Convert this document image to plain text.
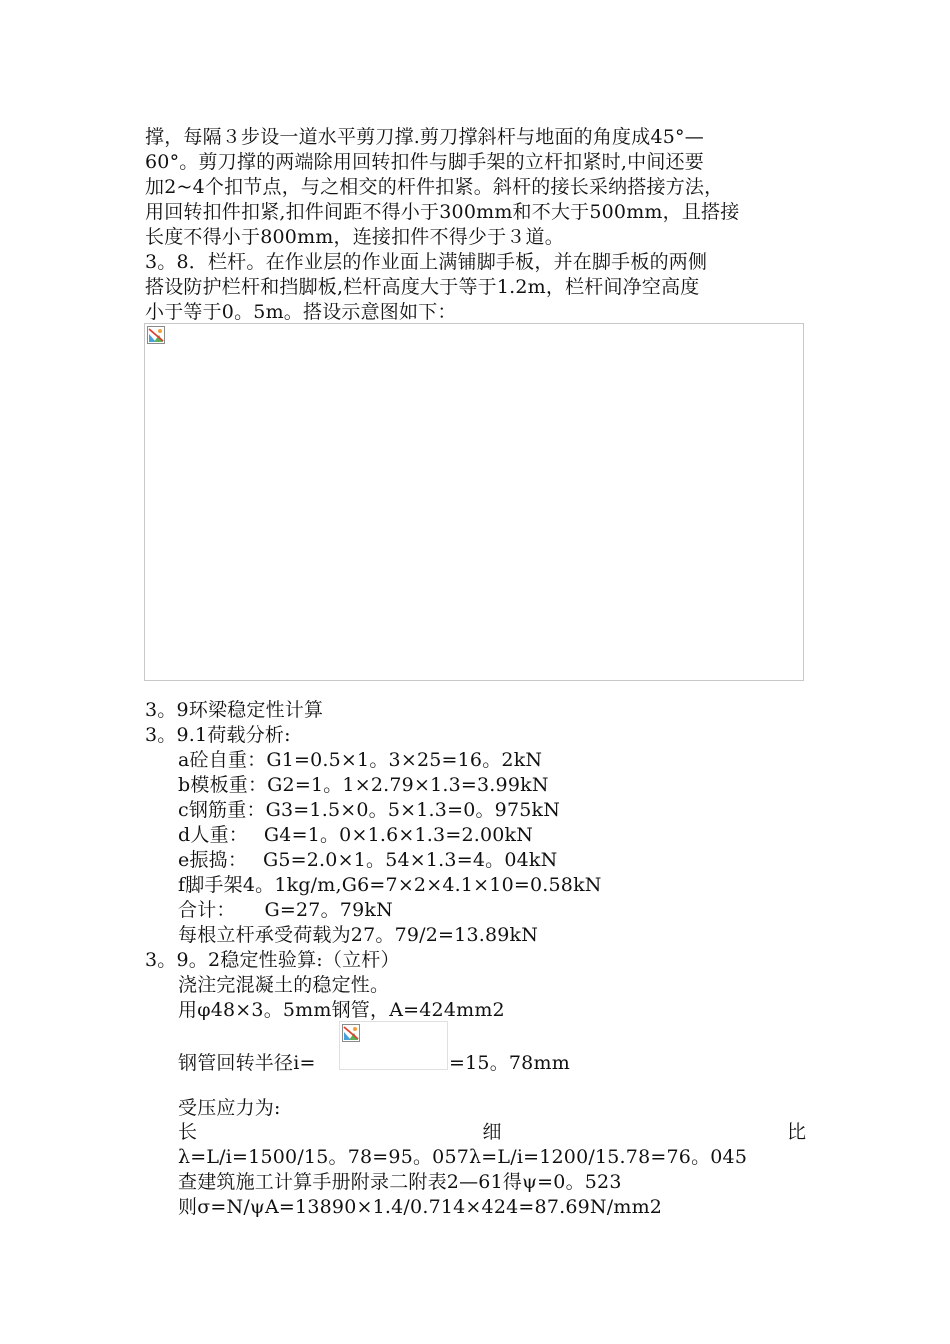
撑，每隔３步设一道水平剪刀撑.剪刀撑斜杆与地面的角度成45°—
60°。剪刀撑的两端除用回转扣件与脚手架的立杆扣紧时,中间还要
加2~4个扣节点，与之相交的杆件扣紧。斜杆的接长采纳搭接方法，
用回转扣件扣紧,扣件间距不得小于300mm和不大于500mm，且搭接
长度不得小于800mm，连接扣件不得少于３道。
3。8．栏杆。在作业层的作业面上满铺脚手板，并在脚手板的两侧
搭设防护栏杆和挡脚板,栏杆高度大于等于1.2m，栏杆间净空高度
小于等于0。5m。搭设示意图如下：
3。9环梁稳定性计算
3。9.1荷载分析:
a砼自重：G1=0.5×1。3×25=16。2kN
b模板重：G2=1。1×2.79×1.3=3.99kN
c钢筋重：G3=1.5×0。5×1.3=0。975kN
d人重：　 G4=1。0×1.6×1.3=2.00kN
e振捣：　 G5=2.0×1。54×1.3=4。04kN
f脚手架4。1kg/m,G6=7×2×4.1×10=0.58kN
合计：　　G=27。79kN
每根立杆承受荷载为27。79/2=13.89kN
3。9。2稳定性验算:（立杆）
浇注完混凝土的稳定性。
用φ48×3。5mm钢管，A=424mm2
钢管回转半径i=	=15。78mm
受压应力为:
长	细	比
λ=L/i=1500/15。78=95。057λ=L/i=1200/15.78=76。045
查建筑施工计算手册附录二附表2—61得ψ=0。523
则σ=N/ψA=13890×1.4/0.714×424=87.69N/mm2
